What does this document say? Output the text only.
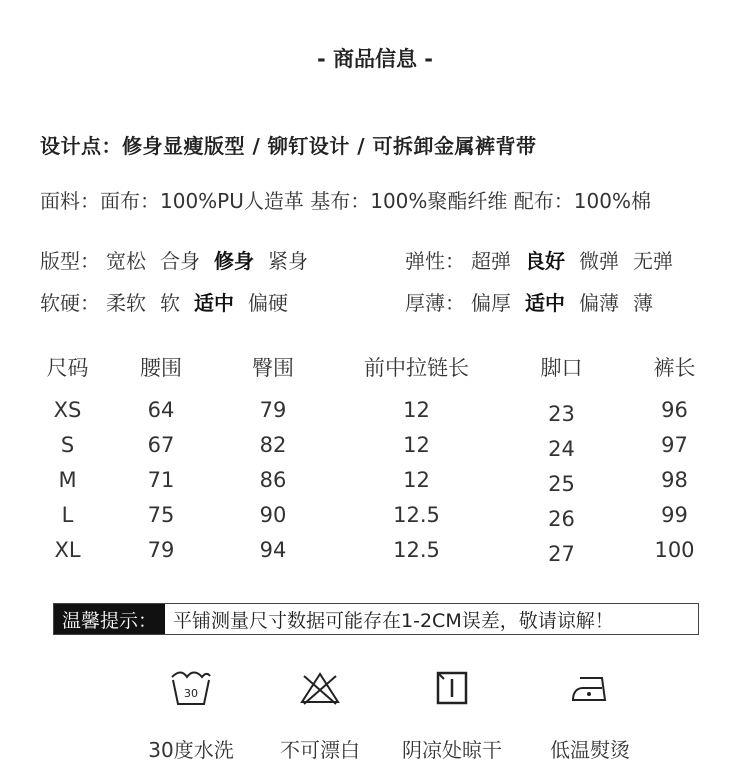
- 商品信息 -
设计点：修身显瘦版型 / 铆钉设计 / 可拆卸金属裤背带
面料：面布：100%PU人造革 基布：100%聚酯纤维 配布：100%棉
版型： 宽松 合身 修身 紧身	弹性： 超弹 良好 微弹 无弹
软硬： 柔软 软 适中 偏硬	厚薄： 偏厚 适中 偏薄 薄
尺码	腰围	臀围	前中拉链长	脚口	裤长
XS	64	79	12	23	96
S	67	82	12	24	97
M	71	86	12	25	98
L	75	90	12.5	26	99
XL	79	94	12.5	27	100
温馨提示： 平铺测量尺寸数据可能存在1-2CM误差，敬请谅解！
30
30度水洗	不可漂白	阴凉处晾干	低温熨烫
